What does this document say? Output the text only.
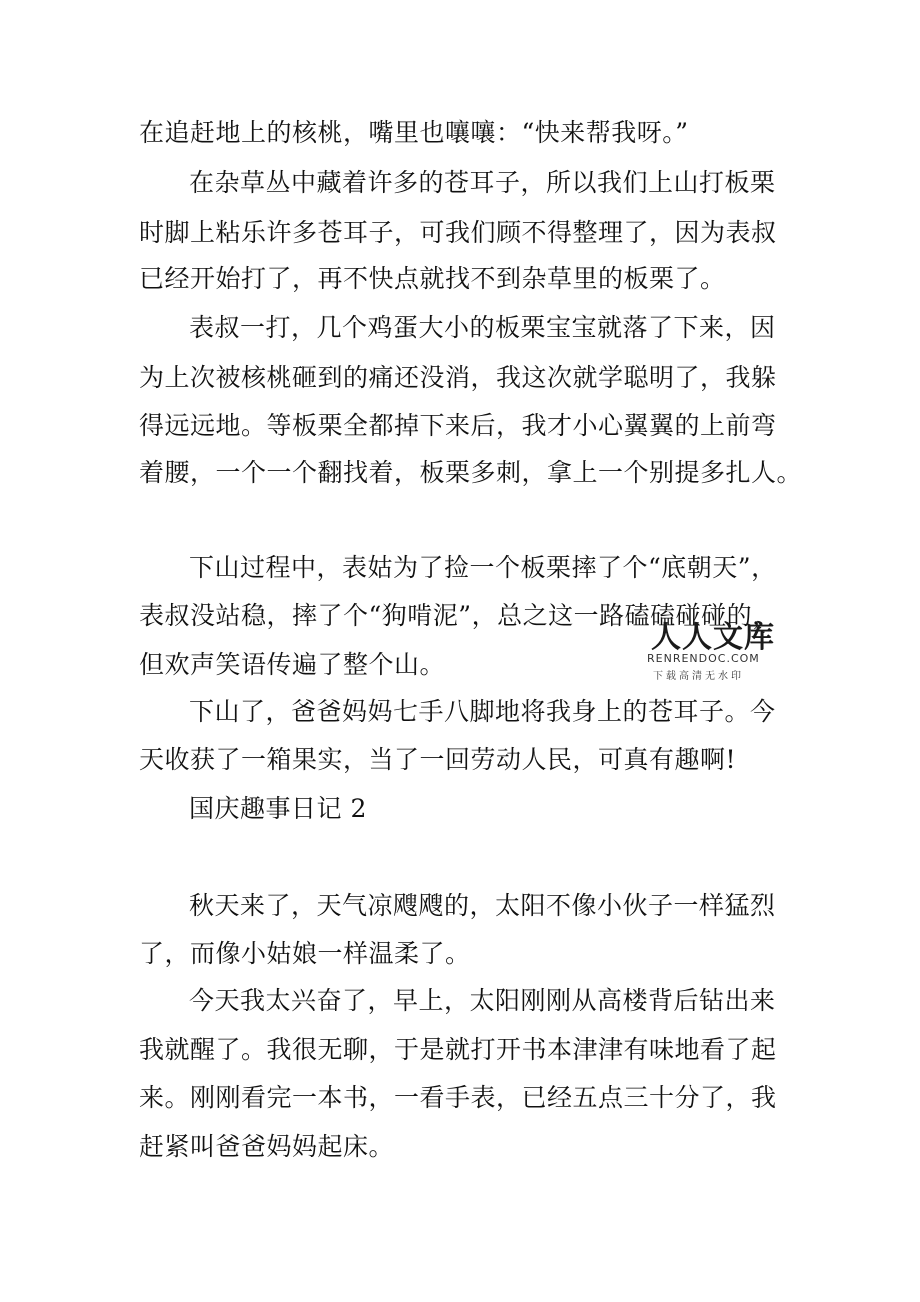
在追赶地上的核桃，嘴里也嚷嚷：“快来帮我呀。”
在杂草丛中藏着许多的苍耳子，所以我们上山打板栗
时脚上粘乐许多苍耳子，可我们顾不得整理了，因为表叔
已经开始打了，再不快点就找不到杂草里的板栗了。
表叔一打，几个鸡蛋大小的板栗宝宝就落了下来，因
为上次被核桃砸到的痛还没消，我这次就学聪明了，我躲
得远远地。等板栗全都掉下来后，我才小心翼翼的上前弯
着腰，一个一个翻找着，板栗多刺，拿上一个别提多扎人。
下山过程中，表姑为了捡一个板栗摔了个“底朝天”，
表叔没站稳，摔了个“狗啃泥”，总之这一路磕磕碰碰的，
但欢声笑语传遍了整个山。
下山了，爸爸妈妈七手八脚地将我身上的苍耳子。今
天收获了一箱果实，当了一回劳动人民，可真有趣啊!
国庆趣事日记 2
秋天来了，天气凉飕飕的，太阳不像小伙子一样猛烈
了，而像小姑娘一样温柔了。
今天我太兴奋了，早上，太阳刚刚从高楼背后钻出来
我就醒了。我很无聊，于是就打开书本津津有味地看了起
来。刚刚看完一本书，一看手表，已经五点三十分了，我
赶紧叫爸爸妈妈起床。
人人文库
RENRENDOC.COM
下载高清无水印
